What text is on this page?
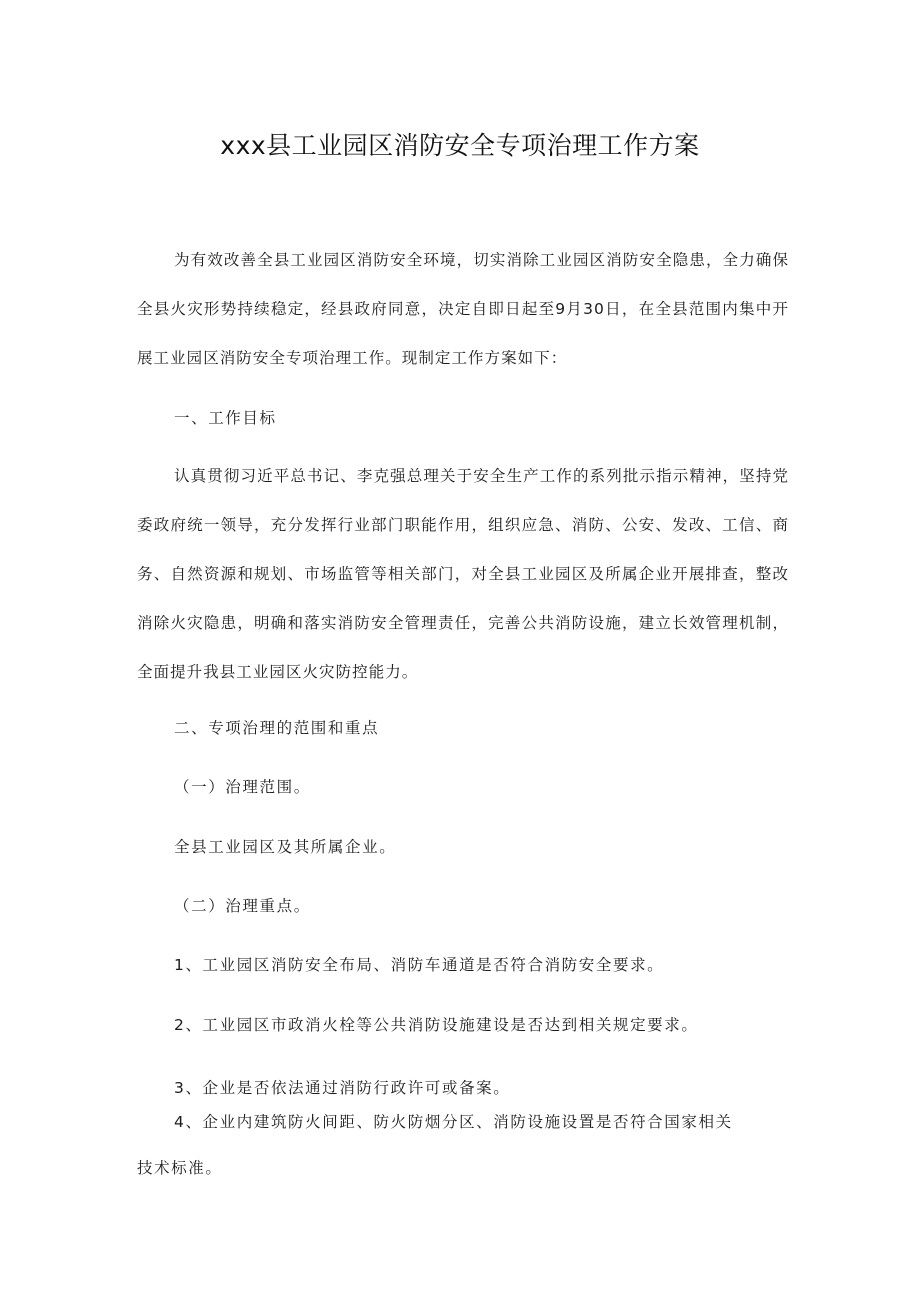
xxx县工业园区消防安全专项治理工作方案
为有效改善全县工业园区消防安全环境，切实消除工业园区消防安全隐患，全力确保全县火灾形势持续稳定，经县政府同意，决定自即日起至9月30日，在全县范围内集中开展工业园区消防安全专项治理工作。现制定工作方案如下：
一、工作目标
认真贯彻习近平总书记、李克强总理关于安全生产工作的系列批示指示精神，坚持党委政府统一领导，充分发挥行业部门职能作用，组织应急、消防、公安、发改、工信、商务、自然资源和规划、市场监管等相关部门，对全县工业园区及所属企业开展排查，整改消除火灾隐患，明确和落实消防安全管理责任，完善公共消防设施，建立长效管理机制，全面提升我县工业园区火灾防控能力。
二、专项治理的范围和重点
（一）治理范围。
全县工业园区及其所属企业。
（二）治理重点。
1、工业园区消防安全布局、消防车通道是否符合消防安全要求。
2、工业园区市政消火栓等公共消防设施建设是否达到相关规定要求。
3、企业是否依法通过消防行政许可或备案。
4、企业内建筑防火间距、防火防烟分区、消防设施设置是否符合国家相关
技术标准。
